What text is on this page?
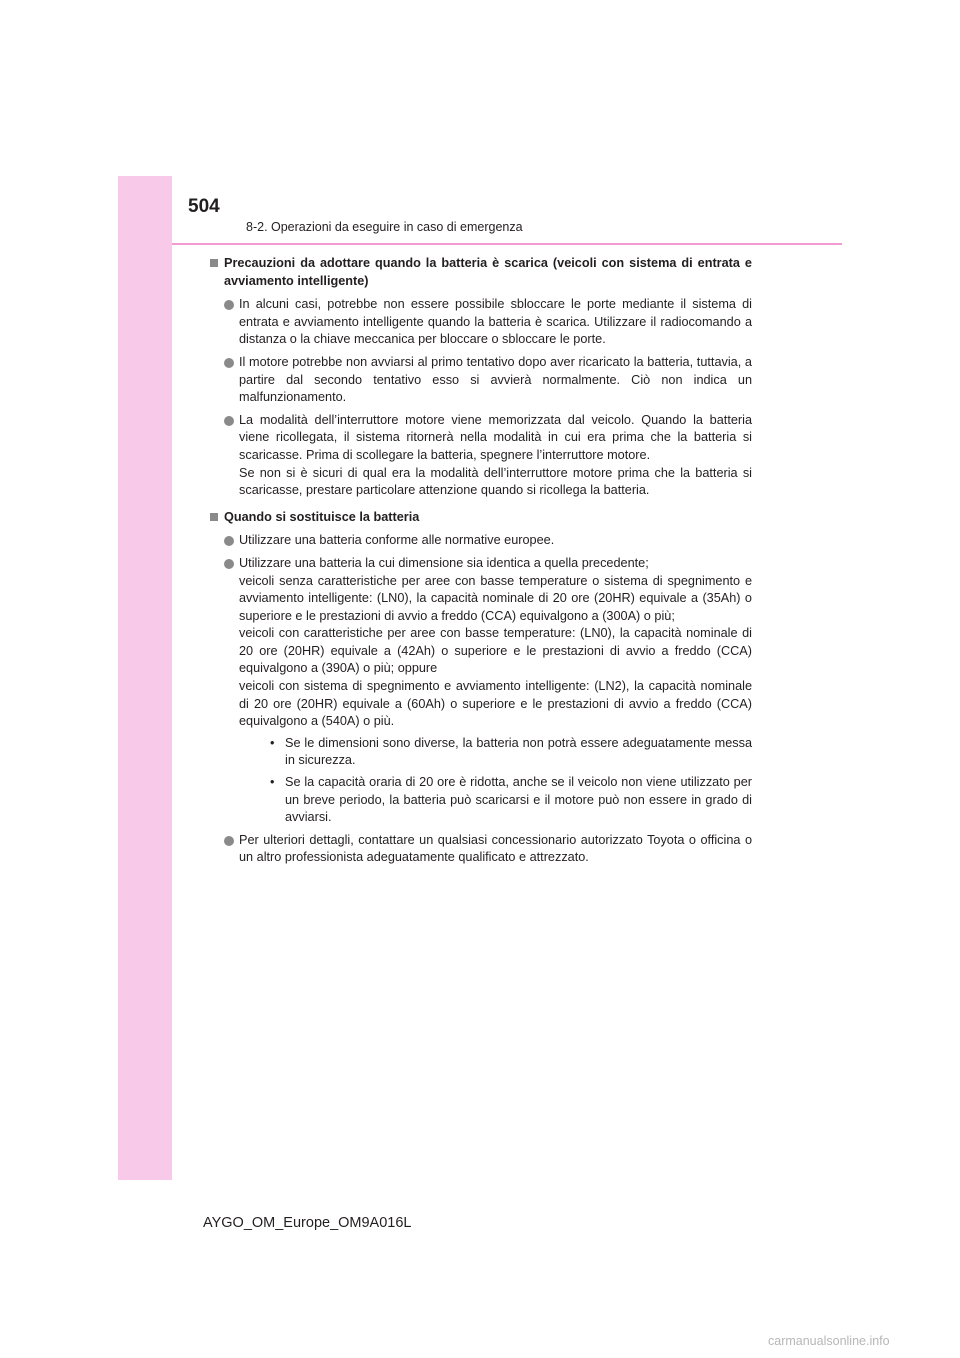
504
8-2. Operazioni da eseguire in caso di emergenza
Precauzioni da adottare quando la batteria è scarica (veicoli con sistema di entrata e avviamento intelligente)
In alcuni casi, potrebbe non essere possibile sbloccare le porte mediante il sistema di entrata e avviamento intelligente quando la batteria è scarica. Utilizzare il radiocomando a distanza o la chiave meccanica per bloccare o sbloccare le porte.
Il motore potrebbe non avviarsi al primo tentativo dopo aver ricaricato la batteria, tuttavia, a partire dal secondo tentativo esso si avvierà normalmente. Ciò non indica un malfunzionamento.
La modalità dell’interruttore motore viene memorizzata dal veicolo. Quando la batteria viene ricollegata, il sistema ritornerà nella modalità in cui era prima che la batteria si scaricasse. Prima di scollegare la batteria, spegnere l’interruttore motore.
Se non si è sicuri di qual era la modalità dell’interruttore motore prima che la batteria si scaricasse, prestare particolare attenzione quando si ricollega la batteria.
Quando si sostituisce la batteria
Utilizzare una batteria conforme alle normative europee.
Utilizzare una batteria la cui dimensione sia identica a quella precedente;
veicoli senza caratteristiche per aree con basse temperature o sistema di spegnimento e avviamento intelligente: (LN0), la capacità nominale di 20 ore (20HR) equivale a (35Ah) o superiore e le prestazioni di avvio a freddo (CCA) equivalgono a (300A) o più;
veicoli con caratteristiche per aree con basse temperature: (LN0), la capacità nominale di 20 ore (20HR) equivale a (42Ah) o superiore e le prestazioni di avvio a freddo (CCA) equivalgono a (390A) o più; oppure
veicoli con sistema di spegnimento e avviamento intelligente: (LN2), la capacità nominale di 20 ore (20HR) equivale a (60Ah) o superiore e le prestazioni di avvio a freddo (CCA) equivalgono a (540A) o più.
• Se le dimensioni sono diverse, la batteria non potrà essere adeguatamente messa in sicurezza.
• Se la capacità oraria di 20 ore è ridotta, anche se il veicolo non viene utilizzato per un breve periodo, la batteria può scaricarsi e il motore può non essere in grado di avviarsi.
Per ulteriori dettagli, contattare un qualsiasi concessionario autorizzato Toyota o officina o un altro professionista adeguatamente qualificato e attrezzato.
AYGO_OM_Europe_OM9A016L
carmanualsonline.info
